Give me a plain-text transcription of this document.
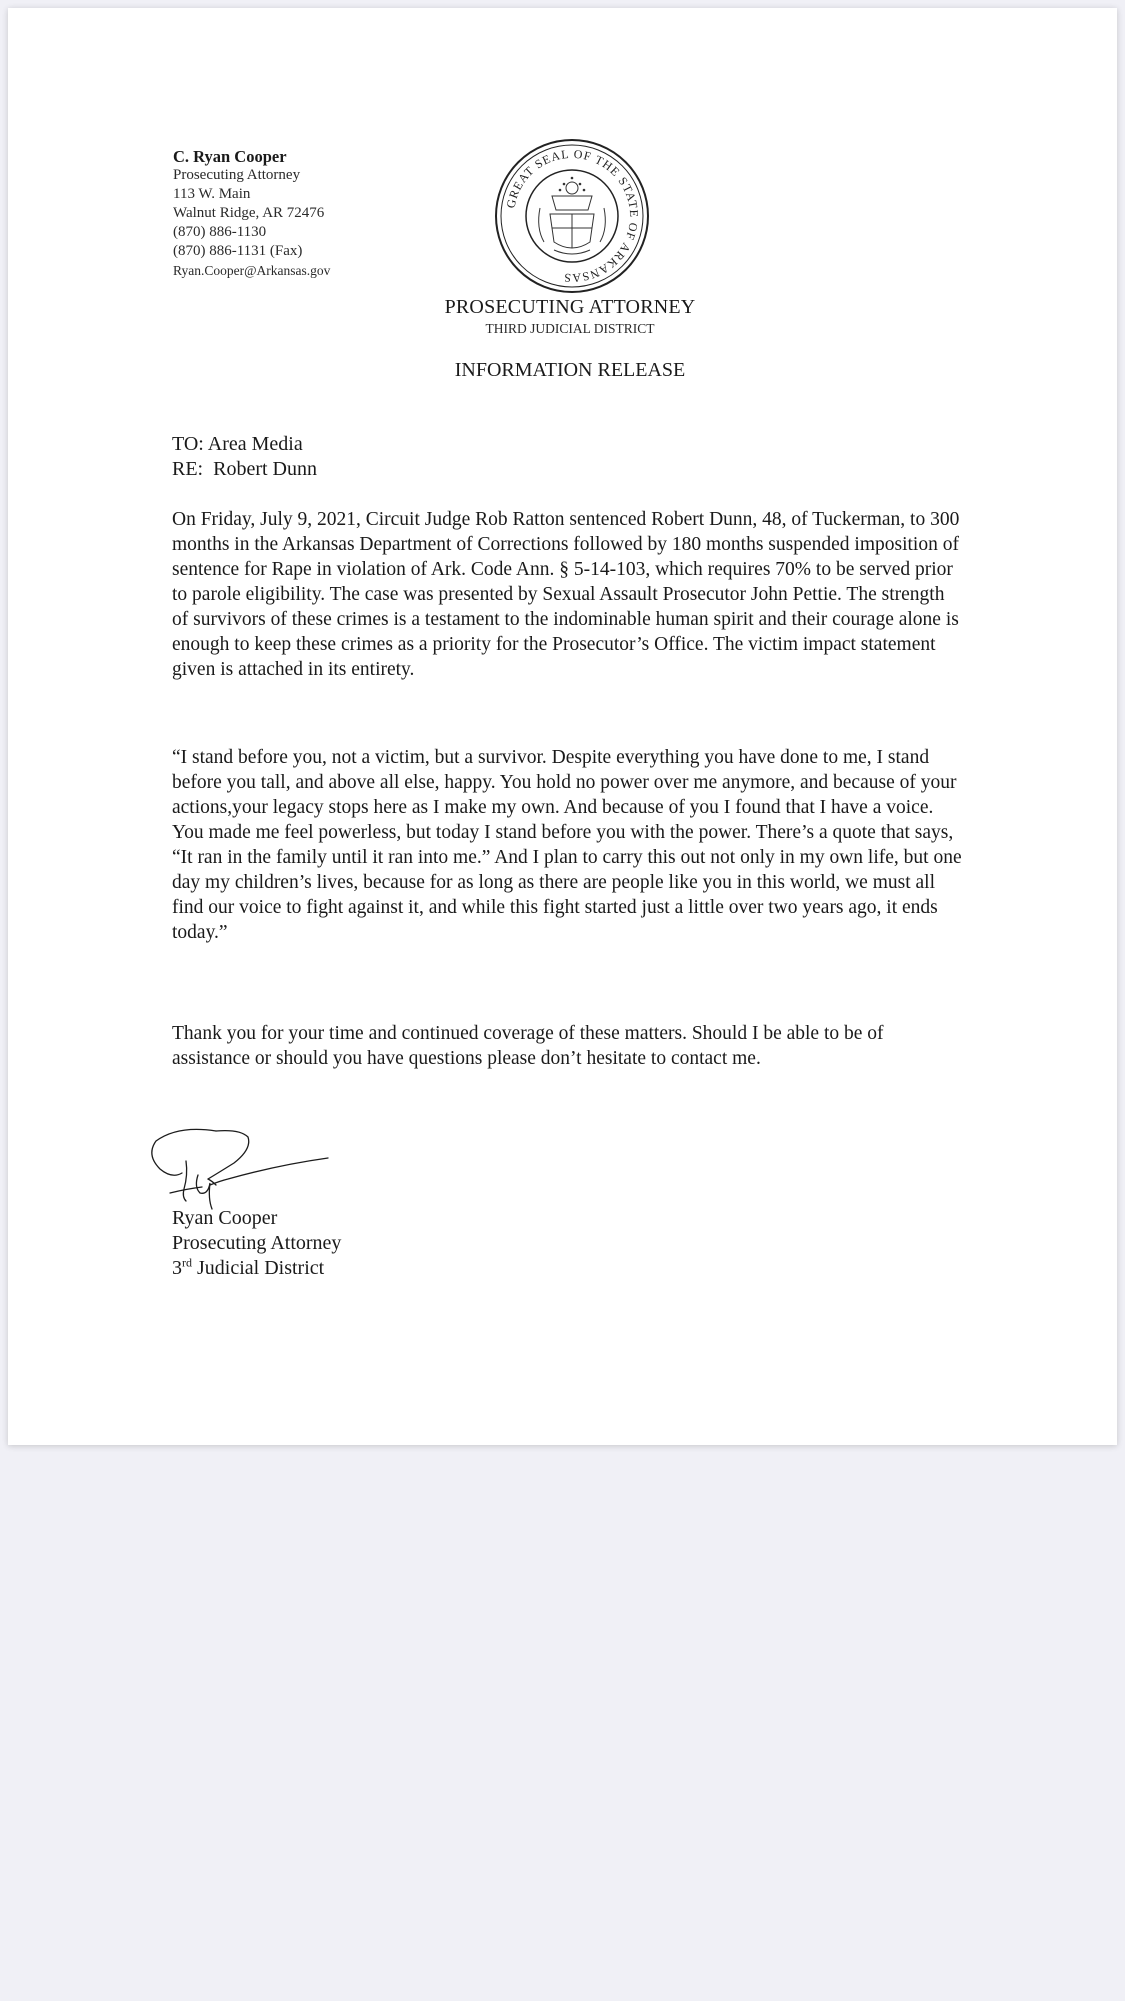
C. Ryan Cooper
Prosecuting Attorney
113 W. Main
Walnut Ridge, AR 72476
(870) 886-1130
(870) 886-1131 (Fax)
Ryan.Cooper@Arkansas.gov
GREAT SEAL OF THE STATE OF ARKANSAS
PROSECUTING ATTORNEY
THIRD JUDICIAL DISTRICT
INFORMATION RELEASE
TO: Area Media
RE:  Robert Dunn
On Friday, July 9, 2021, Circuit Judge Rob Ratton sentenced Robert Dunn, 48, of Tuckerman, to 300 months in the Arkansas Department of Corrections followed by 180 months suspended imposition of sentence for Rape in violation of Ark. Code Ann. § 5-14-103, which requires 70% to be served prior to parole eligibility. The case was presented by Sexual Assault Prosecutor John Pettie. The strength of survivors of these crimes is a testament to the indominable human spirit and their courage alone is enough to keep these crimes as a priority for the Prosecutor’s Office. The victim impact statement given is attached in its entirety.
“I stand before you, not a victim, but a survivor. Despite everything you have done to me, I stand before you tall, and above all else, happy. You hold no power over me anymore, and because of your actions,your legacy stops here as I make my own. And because of you I found that I have a voice. You made me feel powerless, but today I stand before you with the power. There’s a quote that says, “It ran in the family until it ran into me.” And I plan to carry this out not only in my own life, but one day my children’s lives, because for as long as there are people like you in this world, we must all find our voice to fight against it, and while this fight started just a little over two years ago, it ends today.”
Thank you for your time and continued coverage of these matters. Should I be able to be of assistance or should you have questions please don’t hesitate to contact me.
Ryan Cooper
Prosecuting Attorney
3rd Judicial District
